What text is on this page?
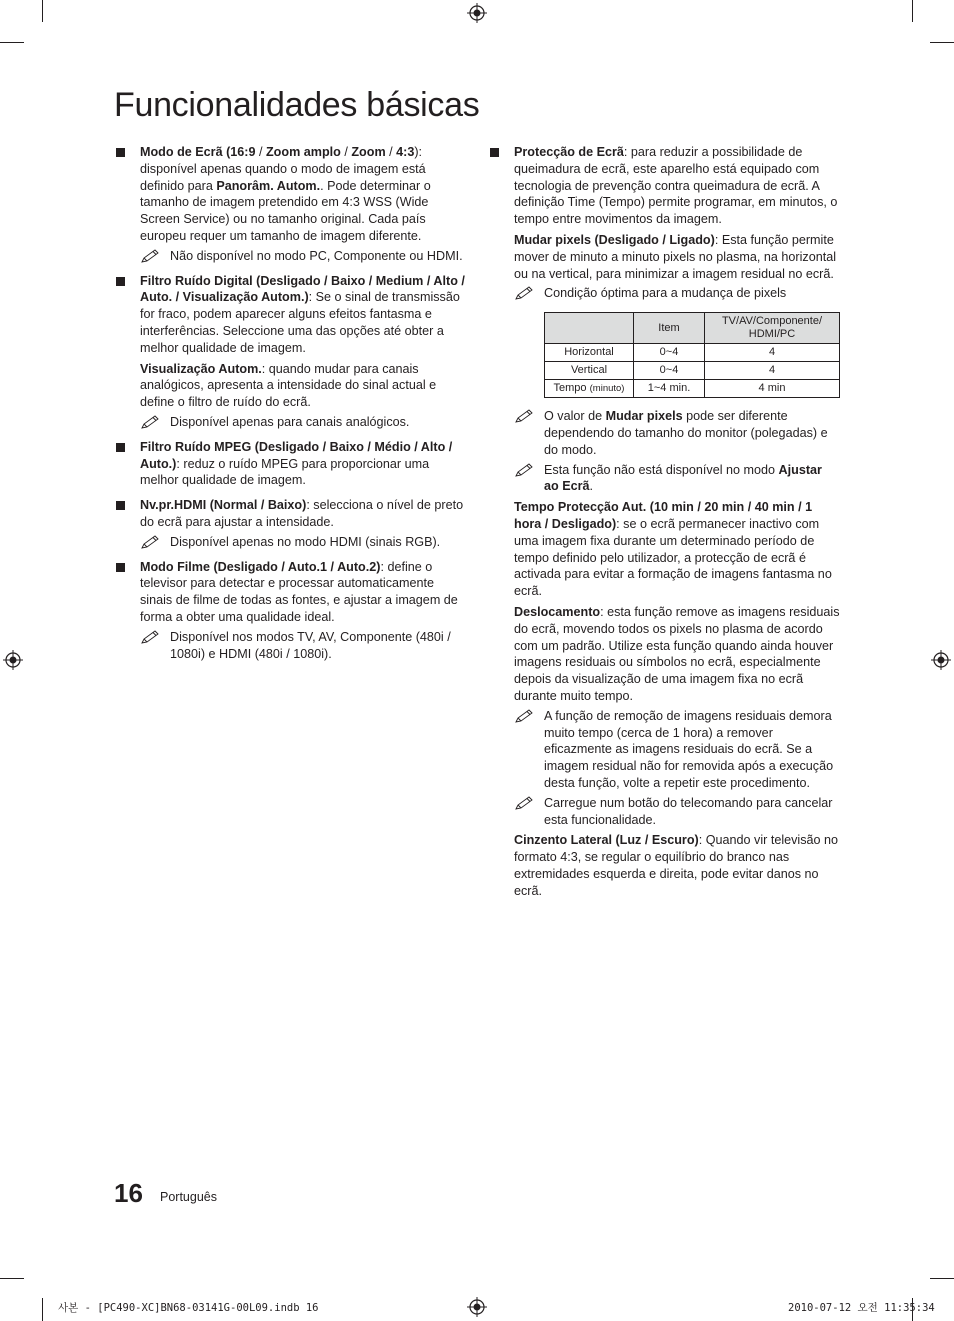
Funcionalidades básicas

Modo de Ecrã (16:9 / Zoom amplo / Zoom / 4:3): disponível apenas quando o modo de imagem está definido para Panorâm. Autom.. Pode determinar o tamanho de imagem pretendido em 4:3 WSS (Wide Screen Service) ou no tamanho original. Cada país europeu requer um tamanho de imagem diferente.

Não disponível no modo PC, Componente ou HDMI.

Filtro Ruído Digital (Desligado / Baixo / Medium / Alto / Auto. / Visualização Autom.): Se o sinal de transmissão for fraco, podem aparecer alguns efeitos fantasma e interferências. Seleccione uma das opções até obter a melhor qualidade de imagem.

Visualização Autom.: quando mudar para canais analógicos, apresenta a intensidade do sinal actual e define o filtro de ruído do ecrã.

Disponível apenas para canais analógicos.

Filtro Ruído MPEG (Desligado / Baixo / Médio / Alto / Auto.): reduz o ruído MPEG para proporcionar uma melhor qualidade de imagem.

Nv.pr.HDMI (Normal / Baixo): selecciona o nível de preto do ecrã para ajustar a intensidade.

Disponível apenas no modo HDMI (sinais RGB).

Modo Filme (Desligado / Auto.1 / Auto.2): define o televisor para detectar e processar automaticamente sinais de filme de todas as fontes, e ajustar a imagem de forma a obter uma qualidade ideal.

Disponível nos modos TV, AV, Componente (480i / 1080i) e HDMI (480i / 1080i).

Protecção de Ecrã: para reduzir a possibilidade de queimadura de ecrã, este aparelho está equipado com tecnologia de prevenção contra queimadura de ecrã. A definição Time (Tempo) permite programar, em minutos, o tempo entre movimentos da imagem.

Mudar pixels (Desligado / Ligado): Esta função permite mover de minuto a minuto pixels no plasma, na horizontal ou na vertical, para minimizar a imagem residual no ecrã.

Condição óptima para a mudança de pixels
	Item	TV/AV/Componente/ HDMI/PC
Horizontal	0~4	4
Vertical	0~4	4
Tempo (minuto)	1~4 min.	4 min
O valor de Mudar pixels pode ser diferente dependendo do tamanho do monitor (polegadas) e do modo.
Esta função não está disponível no modo Ajustar ao Ecrã.

Tempo Protecção Aut. (10 min / 20 min / 40 min / 1 hora / Desligado): se o ecrã permanecer inactivo com uma imagem fixa durante um determinado período de tempo definido pelo utilizador, a protecção de ecrã é activada para evitar a formação de imagens fantasma no ecrã.

Deslocamento: esta função remove as imagens residuais do ecrã, movendo todos os pixels no plasma de acordo com um padrão. Utilize esta função quando ainda houver imagens residuais ou símbolos no ecrã, especialmente depois da visualização de uma imagem fixa no ecrã durante muito tempo.

A função de remoção de imagens residuais demora muito tempo (cerca de 1 hora) a remover eficazmente as imagens residuais do ecrã. Se a imagem residual não for removida após a execução desta função, volte a repetir este procedimento.
Carregue num botão do telecomando para cancelar esta funcionalidade.

Cinzento Lateral (Luz / Escuro): Quando vir televisão no formato 4:3, se regular o equilíbrio do branco nas extremidades esquerda e direita, pode evitar danos no ecrã.

16 Português
사본 - [PC490-XC]BN68-03141G-00L09.indb 16	2010-07-12 오전 11:35:34
